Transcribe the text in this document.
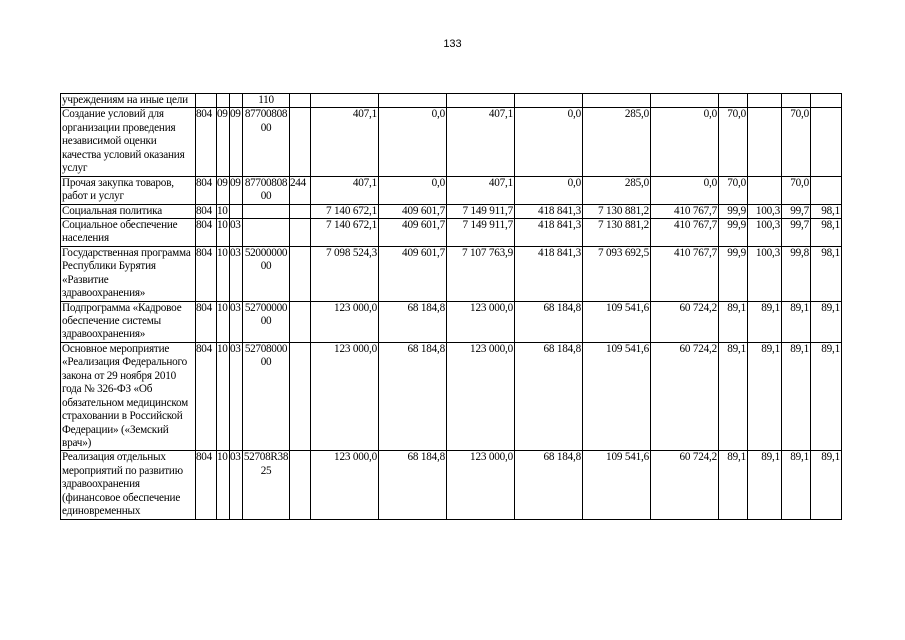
133
учреждениям на иные цели				110											
Создание условий для организации проведения независимой оценки качества условий оказания услуг	804	09	09	8770080800		407,1	0,0	407,1	0,0	285,0	0,0	70,0		70,0	
Прочая закупка товаров, работ и услуг	804	09	09	8770080800	244	407,1	0,0	407,1	0,0	285,0	0,0	70,0		70,0	
Социальная политика	804	10				7 140 672,1	409 601,7	7 149 911,7	418 841,3	7 130 881,2	410 767,7	99,9	100,3	99,7	98,1
Социальное обеспечение населения	804	10	03			7 140 672,1	409 601,7	7 149 911,7	418 841,3	7 130 881,2	410 767,7	99,9	100,3	99,7	98,1
Государственная программа Республики Бурятия «Развитие здравоохранения»	804	10	03	5200000000		7 098 524,3	409 601,7	7 107 763,9	418 841,3	7 093 692,5	410 767,7	99,9	100,3	99,8	98,1
Подпрограмма «Кадровое обеспечение системы здравоохранения»	804	10	03	5270000000		123 000,0	68 184,8	123 000,0	68 184,8	109 541,6	60 724,2	89,1	89,1	89,1	89,1
Основное мероприятие «Реализация Федерального закона от 29 ноября 2010 года № 326-ФЗ «Об обязательном медицинском страховании в Российской Федерации» («Земский врач»)	804	10	03	5270800000		123 000,0	68 184,8	123 000,0	68 184,8	109 541,6	60 724,2	89,1	89,1	89,1	89,1
Реализация отдельных мероприятий по развитию здравоохранения (финансовое обеспечение единовременных	804	10	03	52708R3825		123 000,0	68 184,8	123 000,0	68 184,8	109 541,6	60 724,2	89,1	89,1	89,1	89,1
